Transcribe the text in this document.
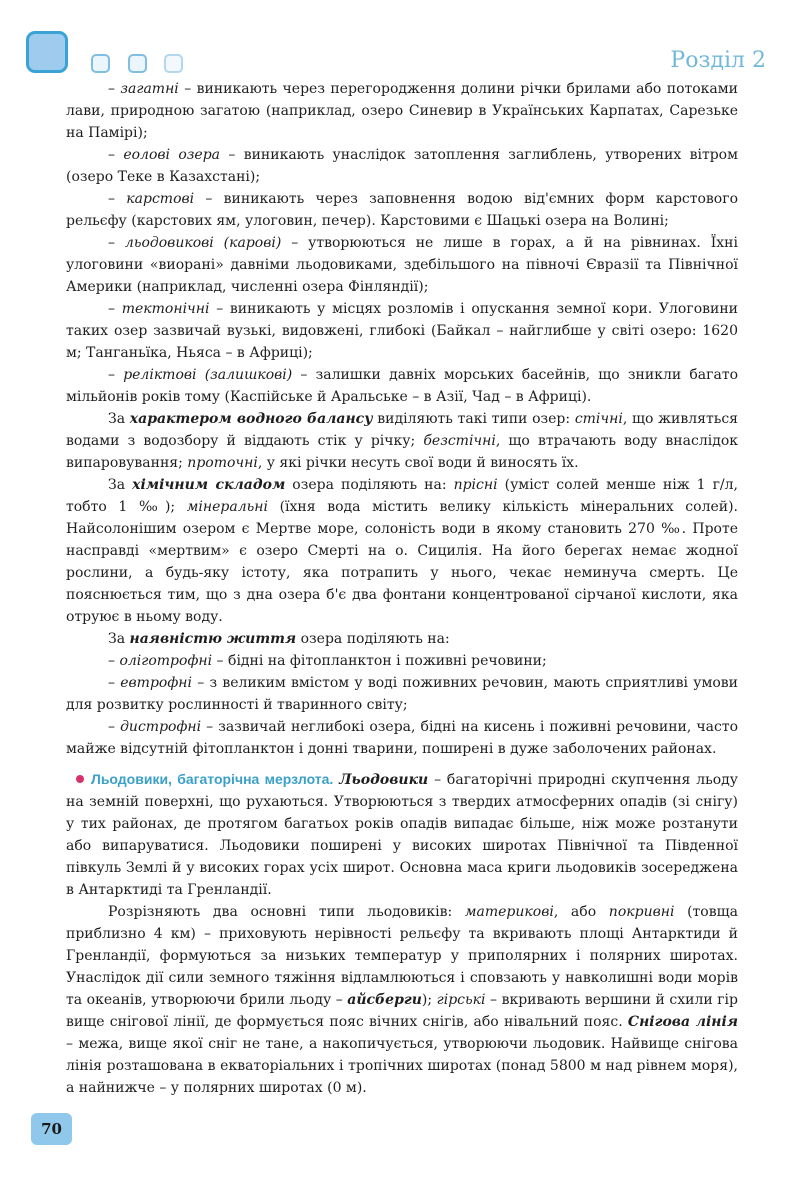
Розділ 2

– загатні – виникають через перегородження долини річки брилами або потоками лави, природною загатою (наприклад, озеро Синевир в Українських Карпатах, Сарезьке на Памірі);

– еолові озера – виникають унаслідок затоплення заглиблень, утворених вітром (озеро Теке в Казахстані);

– карстові – виникають через заповнення водою від'ємних форм карстового рельєфу (карстових ям, улоговин, печер). Карстовими є Шацькі озера на Волині;

– льодовикові (карові) – утворюються не лише в горах, а й на рівнинах. Їхні улоговини «виорані» давніми льодовиками, здебільшого на півночі Євразії та Північної Америки (наприклад, численні озера Фінляндії);

– тектонічні – виникають у місцях розломів і опускання земної кори. Улоговини таких озер зазвичай вузькі, видовжені, глибокі (Байкал – найглибше у світі озеро: 1620 м; Танганьїка, Ньяса – в Африці);

– реліктові (залишкові) – залишки давніх морських басейнів, що зникли багато мільйонів років тому (Каспійське й Аральське – в Азії, Чад – в Африці).

За характером водного балансу виділяють такі типи озер: стічні, що живляться водами з водозбору й віддають стік у річку; безстічні, що втрачають воду внаслідок випаровування; проточні, у які річки несуть свої води й виносять їх.

За хімічним складом озера поділяють на: прісні (уміст солей менше ніж 1 г/л, тобто 1 ‰); мінеральні (їхня вода містить велику кількість мінеральних солей). Найсолонішим озером є Мертве море, солоність води в якому становить 270 ‰. Проте насправді «мертвим» є озеро Смерті на о. Сицилія. На його берегах немає жодної рослини, а будь-яку істоту, яка потрапить у нього, чекає неминуча смерть. Це пояснюється тим, що з дна озера б'є два фонтани концентрованої сірчаної кислоти, яка отруює в ньому воду.

За наявністю життя озера поділяють на:

– оліготрофні – бідні на фітопланктон і поживні речовини;

– евтрофні – з великим вмістом у воді поживних речовин, мають сприятливі умови для розвитку рослинності й тваринного світу;

– дистрофні – зазвичай неглибокі озера, бідні на кисень і поживні речовини, часто майже відсутній фітопланктон і донні тварини, поширені в дуже заболочених районах.

Льодовики, багаторічна мерзлота. Льодовики – багаторічні природні скупчення льоду на земній поверхні, що рухаються. Утворюються з твердих атмосферних опадів (зі снігу) у тих районах, де протягом багатьох років опадів випадає більше, ніж може розтанути або випаруватися. Льодовики поширені у високих широтах Північної та Південної півкуль Землі й у високих горах усіх широт. Основна маса криги льодовиків зосереджена в Антарктиді та Гренландії.

Розрізняють два основні типи льодовиків: материкові, або покривні (товща приблизно 4 км) – приховують нерівності рельєфу та вкривають площі Антарктиди й Гренландії, формуються за низьких температур у приполярних і полярних широтах. Унаслідок дії сили земного тяжіння відламлюються і сповзають у навколишні води морів та океанів, утворюючи брили льоду – айсберги); гірські – вкривають вершини й схили гір вище снігової лінії, де формується пояс вічних снігів, або нівальний пояс. Снігова лінія – межа, вище якої сніг не тане, а накопичується, утворюючи льодовик. Найвище снігова лінія розташована в екваторіальних і тропічних широтах (понад 5800 м над рівнем моря), а найнижче – у полярних широтах (0 м).

70
